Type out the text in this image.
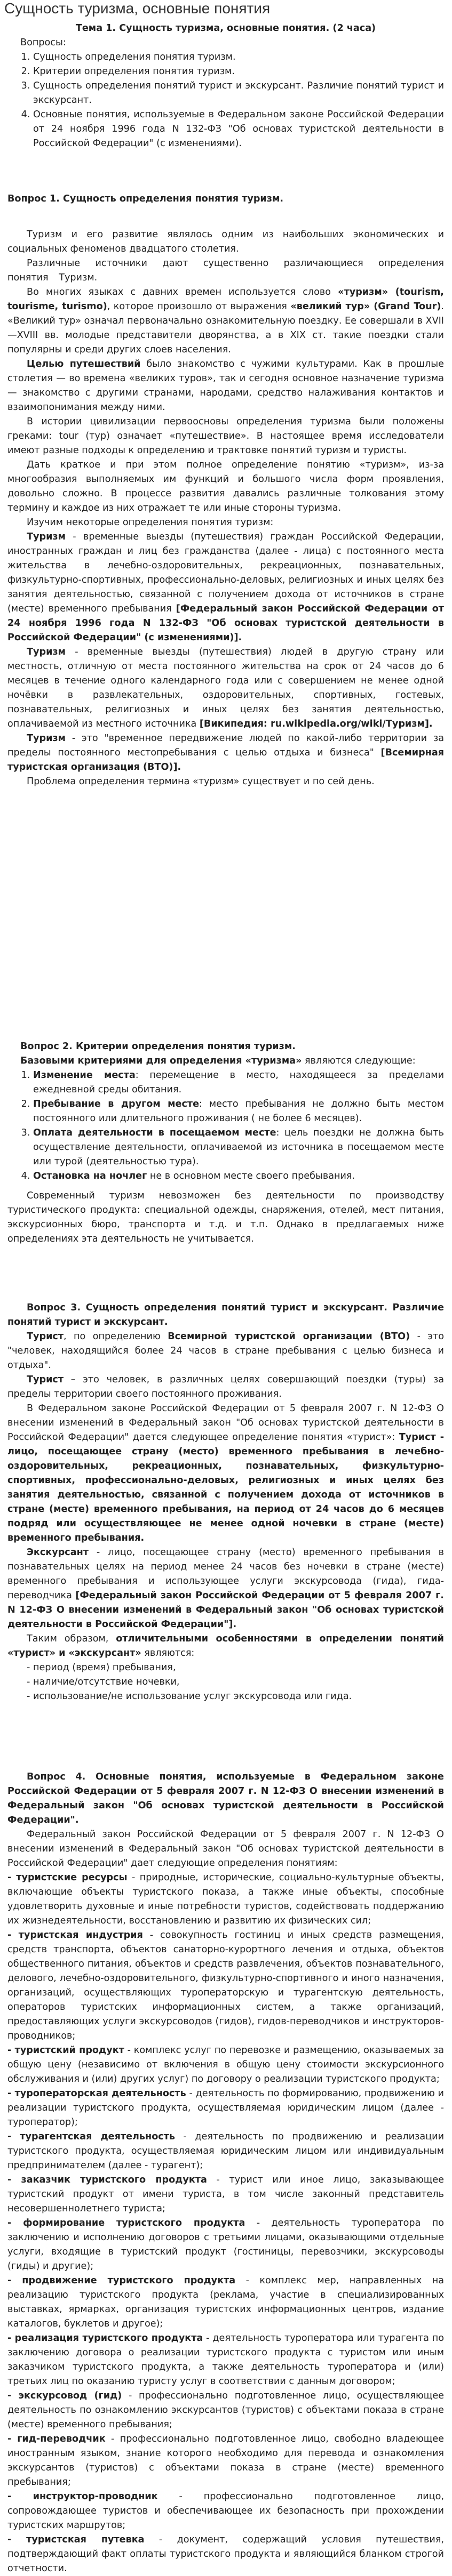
Сущность туризма, основные понятия

Тема 1. Сущность туризма, основные понятия. (2 часа)

Вопросы:

1. Сущность определения понятия туризм.
2. Критерии определения понятия туризм.
3. Сущность определения понятий турист и экскурсант. Различие понятий турист и экскурсант.
4. Основные понятия, используемые в Федеральном законе Российской Федерации от 24 ноября 1996 года N 132-ФЗ "Об основах туристской деятельности в Российской Федерации" (с изменениями).

Вопрос 1. Сущность определения понятия туризм.

Туризм и его развитие являлось одним из наибольших экономических и социальных феноменов двадцатого столетия.

Различные источники дают существенно различающиеся определения понятия Туризм.

Во многих языках с давних времен используется слово «туризм» (tourism, tourisme, turismo), которое произошло от выражения «великий тур» (Grand Tour). «Великий тур» означал первоначально ознакомительную поездку. Ее совершали в XVII—XVIII вв. молодые представители дворянства, а в XIX ст. такие поездки стали популярны и среди других слоев населения.

Целью путешествий было знакомство с чужими культурами. Как в прошлые столетия — во времена «великих туров», так и сегодня основное назначение туризма — знакомство с другими странами, народами, средство налаживания контактов и взаимопонимания между ними.

В истории цивилизации первоосновы определения туризма были положены греками: tour (тур) означает «путешествие». В настоящее время исследователи имеют разные подходы к определению и трактовке понятий туризм и туристы.

Дать краткое и при этом полное определение понятию «туризм», из-за многообразия выполняемых им функций и большого числа форм проявления, довольно сложно. В процессе развития давались различные толкования этому термину и каждое из них отражает те или иные стороны туризма.

Изучим некоторые определения понятия туризм:

Туризм - временные выезды (путешествия) граждан Российской Федерации, иностранных граждан и лиц без гражданства (далее - лица) с постоянного места жительства в лечебно-оздоровительных, рекреационных, познавательных, физкультурно-спортивных, профессионально-деловых, религиозных и иных целях без занятия деятельностью, связанной с получением дохода от источников в стране (месте) временного пребывания [Федеральный закон Российской Федерации от 24 ноября 1996 года N 132-ФЗ "Об основах туристской деятельности в Российской Федерации" (с изменениями)].

Туризм - временные выезды (путешествия) людей в другую страну или местность, отличную от места постоянного жительства на срок от 24 часов до 6 месяцев в течение одного календарного года или с совершением не менее одной ночёвки в развлекательных, оздоровительных, спортивных, гостевых, познавательных, религиозных и иных целях без занятия деятельностью, оплачиваемой из местного источника [Википедия: ru.wikipedia.org/wiki/Туризм].

Туризм - это "временное передвижение людей по какой-либо территории за пределы постоянного местопребывания с целью отдыха и бизнеса" [Всемирная туристская организация (ВТО)].

Проблема определения термина «туризм» существует и по сей день.

Вопрос 2. Критерии определения понятия туризм.

Базовыми критериями для определения «туризма» являются следующие:

1. Изменение места: перемещение в место, находящееся за пределами ежедневной среды обитания.
2. Пребывание в другом месте: место пребывания не должно быть местом постоянного или длительного проживания ( не более 6 месяцев).
3. Оплата деятельности в посещаемом месте: цель поездки не должна быть осуществление деятельности, оплачиваемой из источника в посещаемом месте или турой (деятельностью тура).
4. Остановка на ночлег не в основном месте своего пребывания.

Современный туризм невозможен без деятельности по производству туристического продукта: специальной одежды, снаряжения, отелей, мест питания, экскурсионных бюро, транспорта и т.д. и т.п. Однако в предлагаемых ниже определениях эта деятельность не учитывается.

Вопрос 3. Сущность определения понятий турист и экскурсант. Различие понятий турист и экскурсант.

Турист, по определению Всемирной туристской организации (ВТО) - это "человек, находящийся более 24 часов в стране пребывания с целью бизнеса и отдыха".

Турист – это человек, в различных целях совершающий поездки (туры) за пределы территории своего постоянного проживания.

В Федеральном законе Российской Федерации от 5 февраля 2007 г. N 12-ФЗ О внесении изменений в Федеральный закон "Об основах туристской деятельности в Российской Федерации" дается следующее определение понятия «турист»: Турист - лицо, посещающее страну (место) временного пребывания в лечебно-оздоровительных, рекреационных, познавательных, физкультурно-спортивных, профессионально-деловых, религиозных и иных целях без занятия деятельностью, связанной с получением дохода от источников в стране (месте) временного пребывания, на период от 24 часов до 6 месяцев подряд или осуществляющее не менее одной ночевки в стране (месте) временного пребывания.

Экскурсант - лицо, посещающее страну (место) временного пребывания в познавательных целях на период менее 24 часов без ночевки в стране (месте) временного пребывания и использующее услуги экскурсовода (гида), гида-переводчика [Федеральный закон Российской Федерации от 5 февраля 2007 г. N 12-ФЗ О внесении изменений в Федеральный закон "Об основах туристской деятельности в Российской Федерации"].

Таким образом, отличительными особенностями в определении понятий «турист» и «экскурсант» являются:

- период (время) пребывания,

- наличие/отсутствие ночевки,

- использование/не использование услуг экскурсовода или гида.

Вопрос 4. Основные понятия, используемые в Федеральном законе Российской Федерации от 5 февраля 2007 г. N 12-ФЗ О внесении изменений в Федеральный закон "Об основах туристской деятельности в Российской Федерации".

Федеральный закон Российской Федерации от 5 февраля 2007 г. N 12-ФЗ О внесении изменений в Федеральный закон "Об основах туристской деятельности в Российской Федерации" дает следующие определения понятиям:

- туристские ресурсы - природные, исторические, социально-культурные объекты, включающие объекты туристского показа, а также иные объекты, способные удовлетворить духовные и иные потребности туристов, содействовать поддержанию их жизнедеятельности, восстановлению и развитию их физических сил;

- туристская индустрия - совокупность гостиниц и иных средств размещения, средств транспорта, объектов санаторно-курортного лечения и отдыха, объектов общественного питания, объектов и средств развлечения, объектов познавательного, делового, лечебно-оздоровительного, физкультурно-спортивного и иного назначения, организаций, осуществляющих туроператорскую и турагентскую деятельность, операторов туристских информационных систем, а также организаций, предоставляющих услуги экскурсоводов (гидов), гидов-переводчиков и инструкторов-проводников;

- туристский продукт - комплекс услуг по перевозке и размещению, оказываемых за общую цену (независимо от включения в общую цену стоимости экскурсионного обслуживания и (или) других услуг) по договору о реализации туристского продукта;

- туроператорская деятельность - деятельность по формированию, продвижению и реализации туристского продукта, осуществляемая юридическим лицом (далее - туроператор);

- турагентская деятельность - деятельность по продвижению и реализации туристского продукта, осуществляемая юридическим лицом или индивидуальным предпринимателем (далее - турагент);

- заказчик туристского продукта - турист или иное лицо, заказывающее туристский продукт от имени туриста, в том числе законный представитель несовершеннолетнего туриста;

- формирование туристского продукта - деятельность туроператора по заключению и исполнению договоров с третьими лицами, оказывающими отдельные услуги, входящие в туристский продукт (гостиницы, перевозчики, экскурсоводы (гиды) и другие);

- продвижение туристского продукта - комплекс мер, направленных на реализацию туристского продукта (реклама, участие в специализированных выставках, ярмарках, организация туристских информационных центров, издание каталогов, буклетов и другое);

- реализация туристского продукта - деятельность туроператора или турагента по заключению договора о реализации туристского продукта с туристом или иным заказчиком туристского продукта, а также деятельность туроператора и (или) третьих лиц по оказанию туристу услуг в соответствии с данным договором;

- экскурсовод (гид) - профессионально подготовленное лицо, осуществляющее деятельность по ознакомлению экскурсантов (туристов) с объектами показа в стране (месте) временного пребывания;

- гид-переводчик - профессионально подготовленное лицо, свободно владеющее иностранным языком, знание которого необходимо для перевода и ознакомления экскурсантов (туристов) с объектами показа в стране (месте) временного пребывания;

- инструктор-проводник - профессионально подготовленное лицо, сопровождающее туристов и обеспечивающее их безопасность при прохождении туристских маршрутов;

- туристская путевка - документ, содержащий условия путешествия, подтверждающий факт оплаты туристского продукта и являющийся бланком строгой отчетности.
